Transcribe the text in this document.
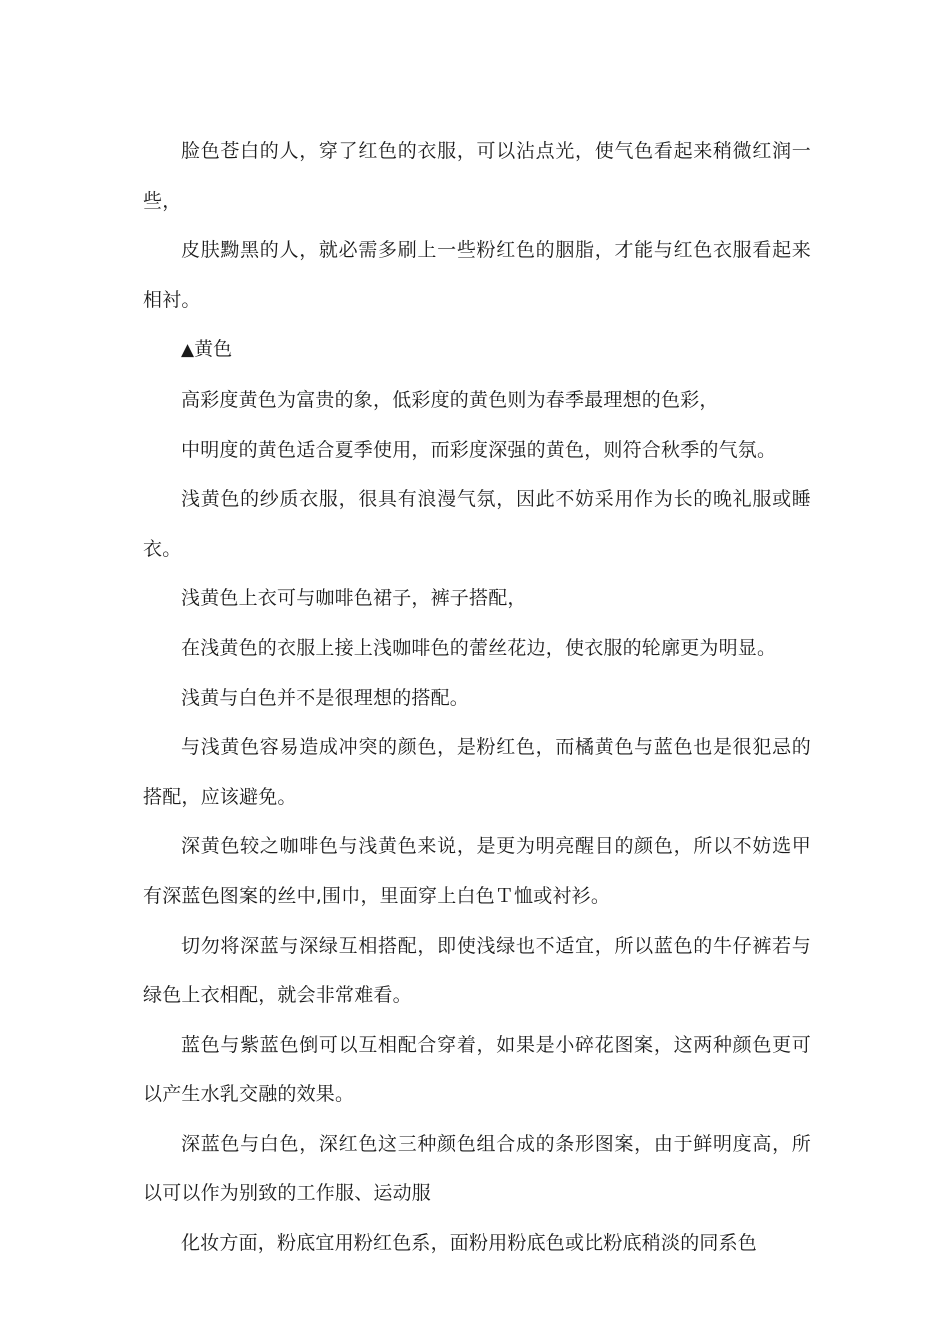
脸色苍白的人，穿了红色的衣服，可以沾点光，使气色看起来稍微红润一些，

皮肤黝黑的人，就必需多刷上一些粉红色的胭脂，才能与红色衣服看起来相衬。

▲黄色

高彩度黄色为富贵的象，低彩度的黄色则为春季最理想的色彩，

中明度的黄色适合夏季使用，而彩度深强的黄色，则符合秋季的气氛。

浅黄色的纱质衣服，很具有浪漫气氛，因此不妨采用作为长的晚礼服或睡衣。

浅黄色上衣可与咖啡色裙子，裤子搭配，

在浅黄色的衣服上接上浅咖啡色的蕾丝花边，使衣服的轮廓更为明显。

浅黄与白色并不是很理想的搭配。

与浅黄色容易造成冲突的颜色，是粉红色，而橘黄色与蓝色也是很犯忌的搭配，应该避免。

深黄色较之咖啡色与浅黄色来说，是更为明亮醒目的颜色，所以不妨选甲有深蓝色图案的丝中,围巾，里面穿上白色Ｔ恤或衬衫。

切勿将深蓝与深绿互相搭配，即使浅绿也不适宜，所以蓝色的牛仔裤若与绿色上衣相配，就会非常难看。

蓝色与紫蓝色倒可以互相配合穿着，如果是小碎花图案，这两种颜色更可以产生水乳交融的效果。

深蓝色与白色，深红色这三种颜色组合成的条形图案，由于鲜明度高，所以可以作为别致的工作服、运动服

化妆方面，粉底宜用粉红色系，面粉用粉底色或比粉底稍淡的同系色
